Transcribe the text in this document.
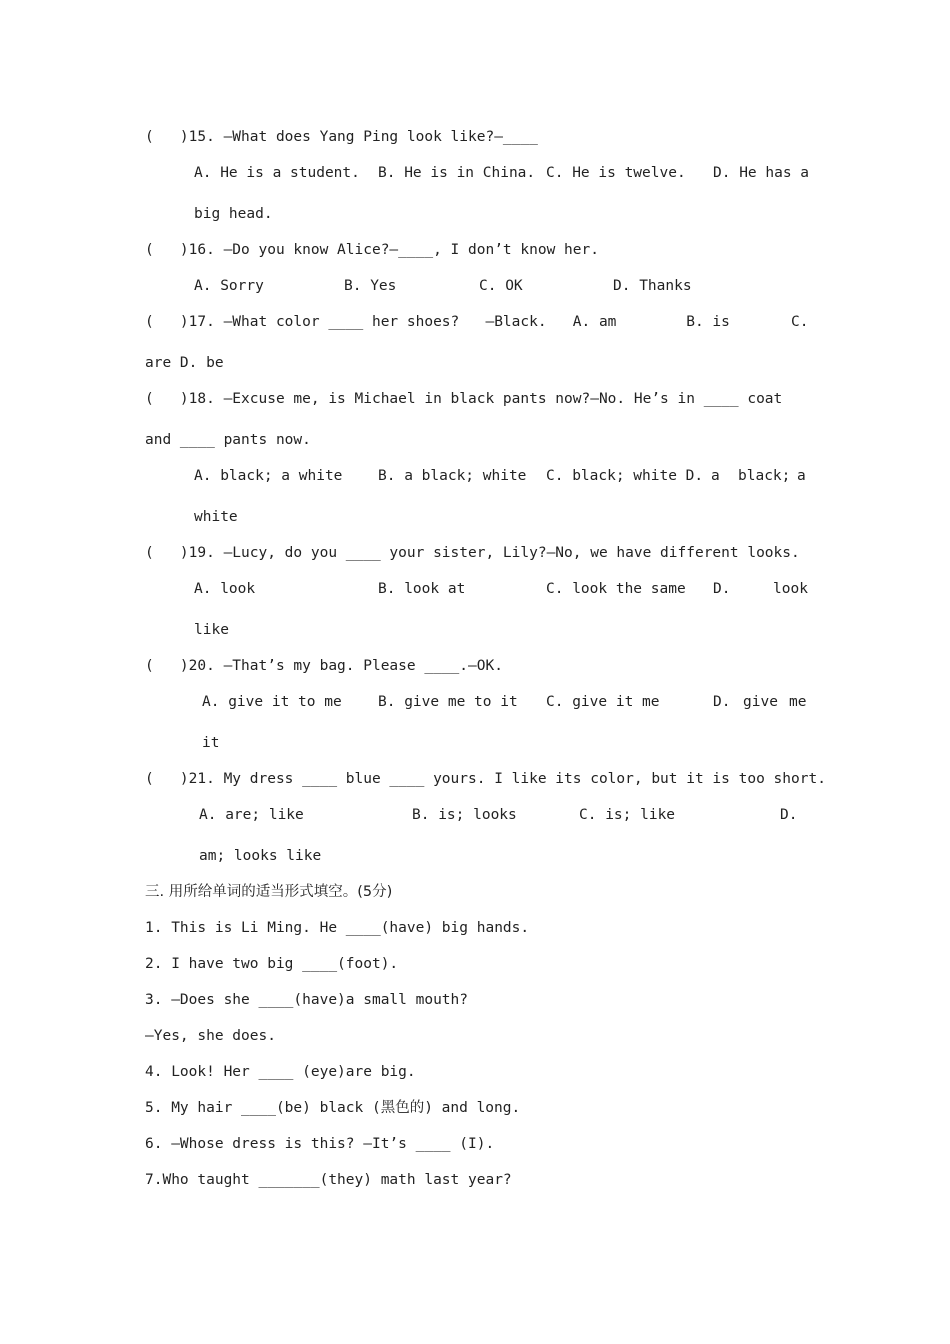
(   )15. —What does Yang Ping look like?—____

A. He is a student.

B. He is in China.

C. He is twelve.

D. He has a

big head.
(   )16. —Do you know Alice?—____, I don’t know her.

A. Sorry

	B. Yes

	C. OK

	D. Thanks

(   )17. —What color ____ her shoes?   —Black.   A. am        B. is       C.
are D. be
(   )18. —Excuse me, is Michael in black pants now?—No. He’s in ____ coat
and ____ pants now.

A. black; a white

B. a black; white

C. black; white D.

a

black;

a

white
(   )19. —Lucy, do you ____ your sister, Lily?—No, we have different looks.

A. look

	B. look at

	C. look the same

D.

	look

like
(   )20. —That’s my bag. Please ____.—OK.

A. give it to me

	B. give me to it

C. give it me

	D.

give

me

it
(   )21. My dress ____ blue ____ yours. I like its color, but it is too short.

A. are; like

	B. is; looks

	C. is; like

	D.

am; looks like
三. 用所给单词的适当形式填空。(5分)
1. This is Li Ming. He ____(have) big hands.
2. I have two big ____(foot).
3. —Does she ____(have)a small mouth?
—Yes, she does.
4. Look! Her ____ (eye)are big.
5. My hair ____(be) black (黑色的) and long.
6. —Whose dress is this? —It’s ____ (I).
7.Who taught _______(they) math last year?
